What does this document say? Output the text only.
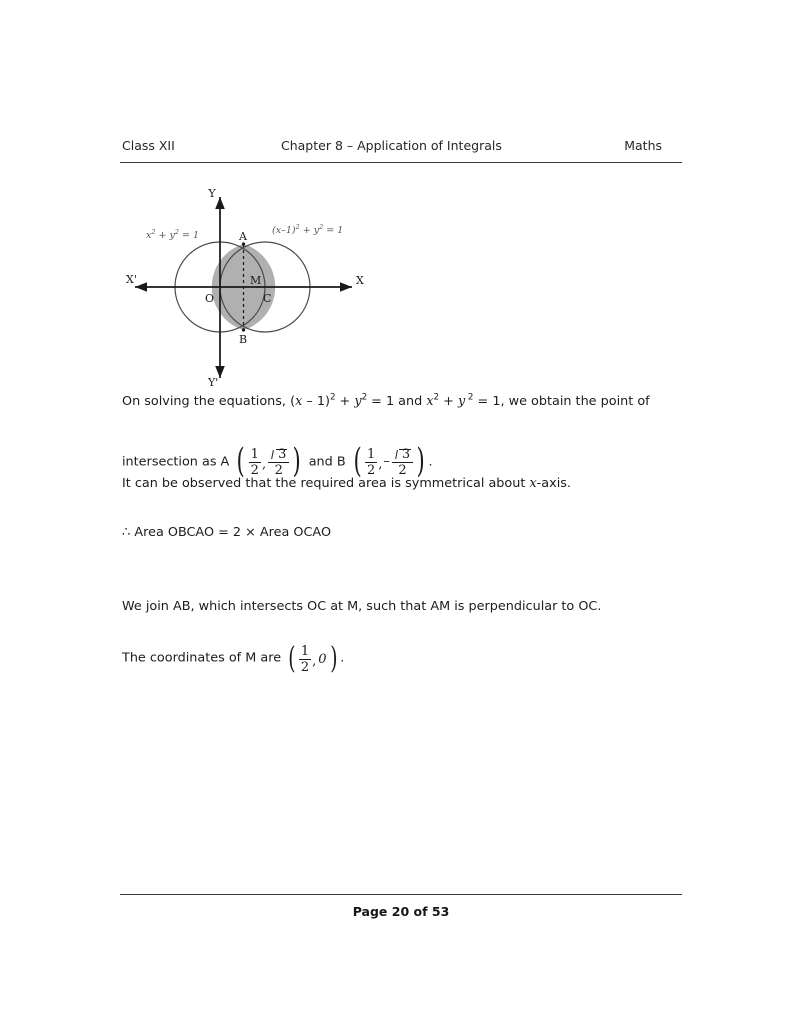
Class XII	Chapter 8 – Application of Integrals	Maths
X
X'
Y
Y'
O
A
B
M
C
$x^2 + y^2 = 1$	$(x-1)^2 + y^2 = 1$
On solving the equations, $(x - 1)^2 + y^2 = 1$ and $x^2 + y$ $^2$ = 1, we obtain the point of
intersection as A ( $\frac{1}{2}$ , $\frac{3}{2}$ ) and B ( $\frac{1}{2}$ , – $\frac{3}{2}$ ) .
It can be observed that the required area is symmetrical about x-axis.
∴ Area OBCAO = 2 × Area OCAO
We join AB, which intersects OC at M, such that AM is perpendicular to OC.
The coordinates of M are ( $\frac{1}{2}$ , 0 ) .
Page 20 of 53
